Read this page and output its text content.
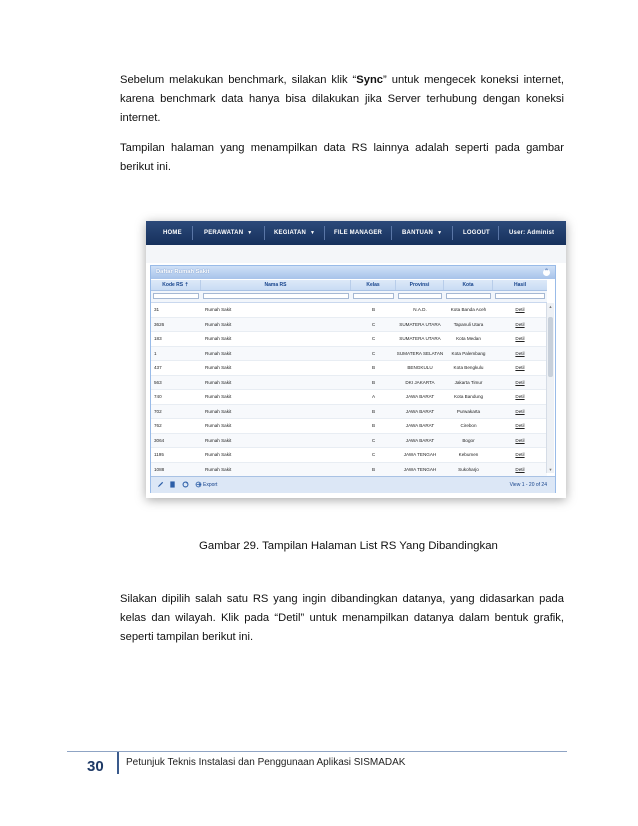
Sebelum melakukan benchmark, silakan klik “Sync” untuk mengecek koneksi internet, karena benchmark data hanya bisa dilakukan jika Server terhubung dengan koneksi internet.
Tampilan halaman yang menampilkan data RS lainnya adalah seperti pada gambar berikut ini.
HOME	PERAWATAN ▼	KEGIATAN ▼	FILE MANAGER	BANTUAN ▼	LOGOUT	User: Administ
Daftar Rumah Sakit	⌃
Kode RS ⇡	Nama RS	Kelas	Provinsi	Kota	Hasil
31	Rumah Sakit	B	N.A.D.	Kota Banda Aceh	Detil
3626	Rumah Sakit	C	SUMATERA UTARA	Tapanuli Utara	Detil
183	Rumah Sakit	C	SUMATERA UTARA	Kota Medan	Detil
1	Rumah Sakit	C	SUMATERA SELATAN	Kota Palembang	Detil
437	Rumah Sakit	B	BENGKULU	Kota Bengkulu	Detil
563	Rumah Sakit	B	DKI JAKARTA	Jakarta Timur	Detil
740	Rumah Sakit	A	JAWA BARAT	Kota Bandung	Detil
702	Rumah Sakit	B	JAWA BARAT	Purwakarta	Detil
762	Rumah Sakit	B	JAWA BARAT	Cirebon	Detil
3064	Rumah Sakit	C	JAWA BARAT	Bogor	Detil
1195	Rumah Sakit	C	JAWA TENGAH	Kebumen	Detil
1088	Rumah Sakit	B	JAWA TENGAH	Sukoharjo	Detil
▲
▼
Export	View 1 - 20 of 24
Gambar 29. Tampilan Halaman List RS Yang Dibandingkan
Silakan dipilih salah satu RS yang ingin dibandingkan datanya, yang didasarkan pada kelas dan wilayah. Klik pada “Detil” untuk menampilkan datanya dalam bentuk grafik, seperti tampilan berikut ini.
30 Petunjuk Teknis Instalasi dan Penggunaan Aplikasi SISMADAK
